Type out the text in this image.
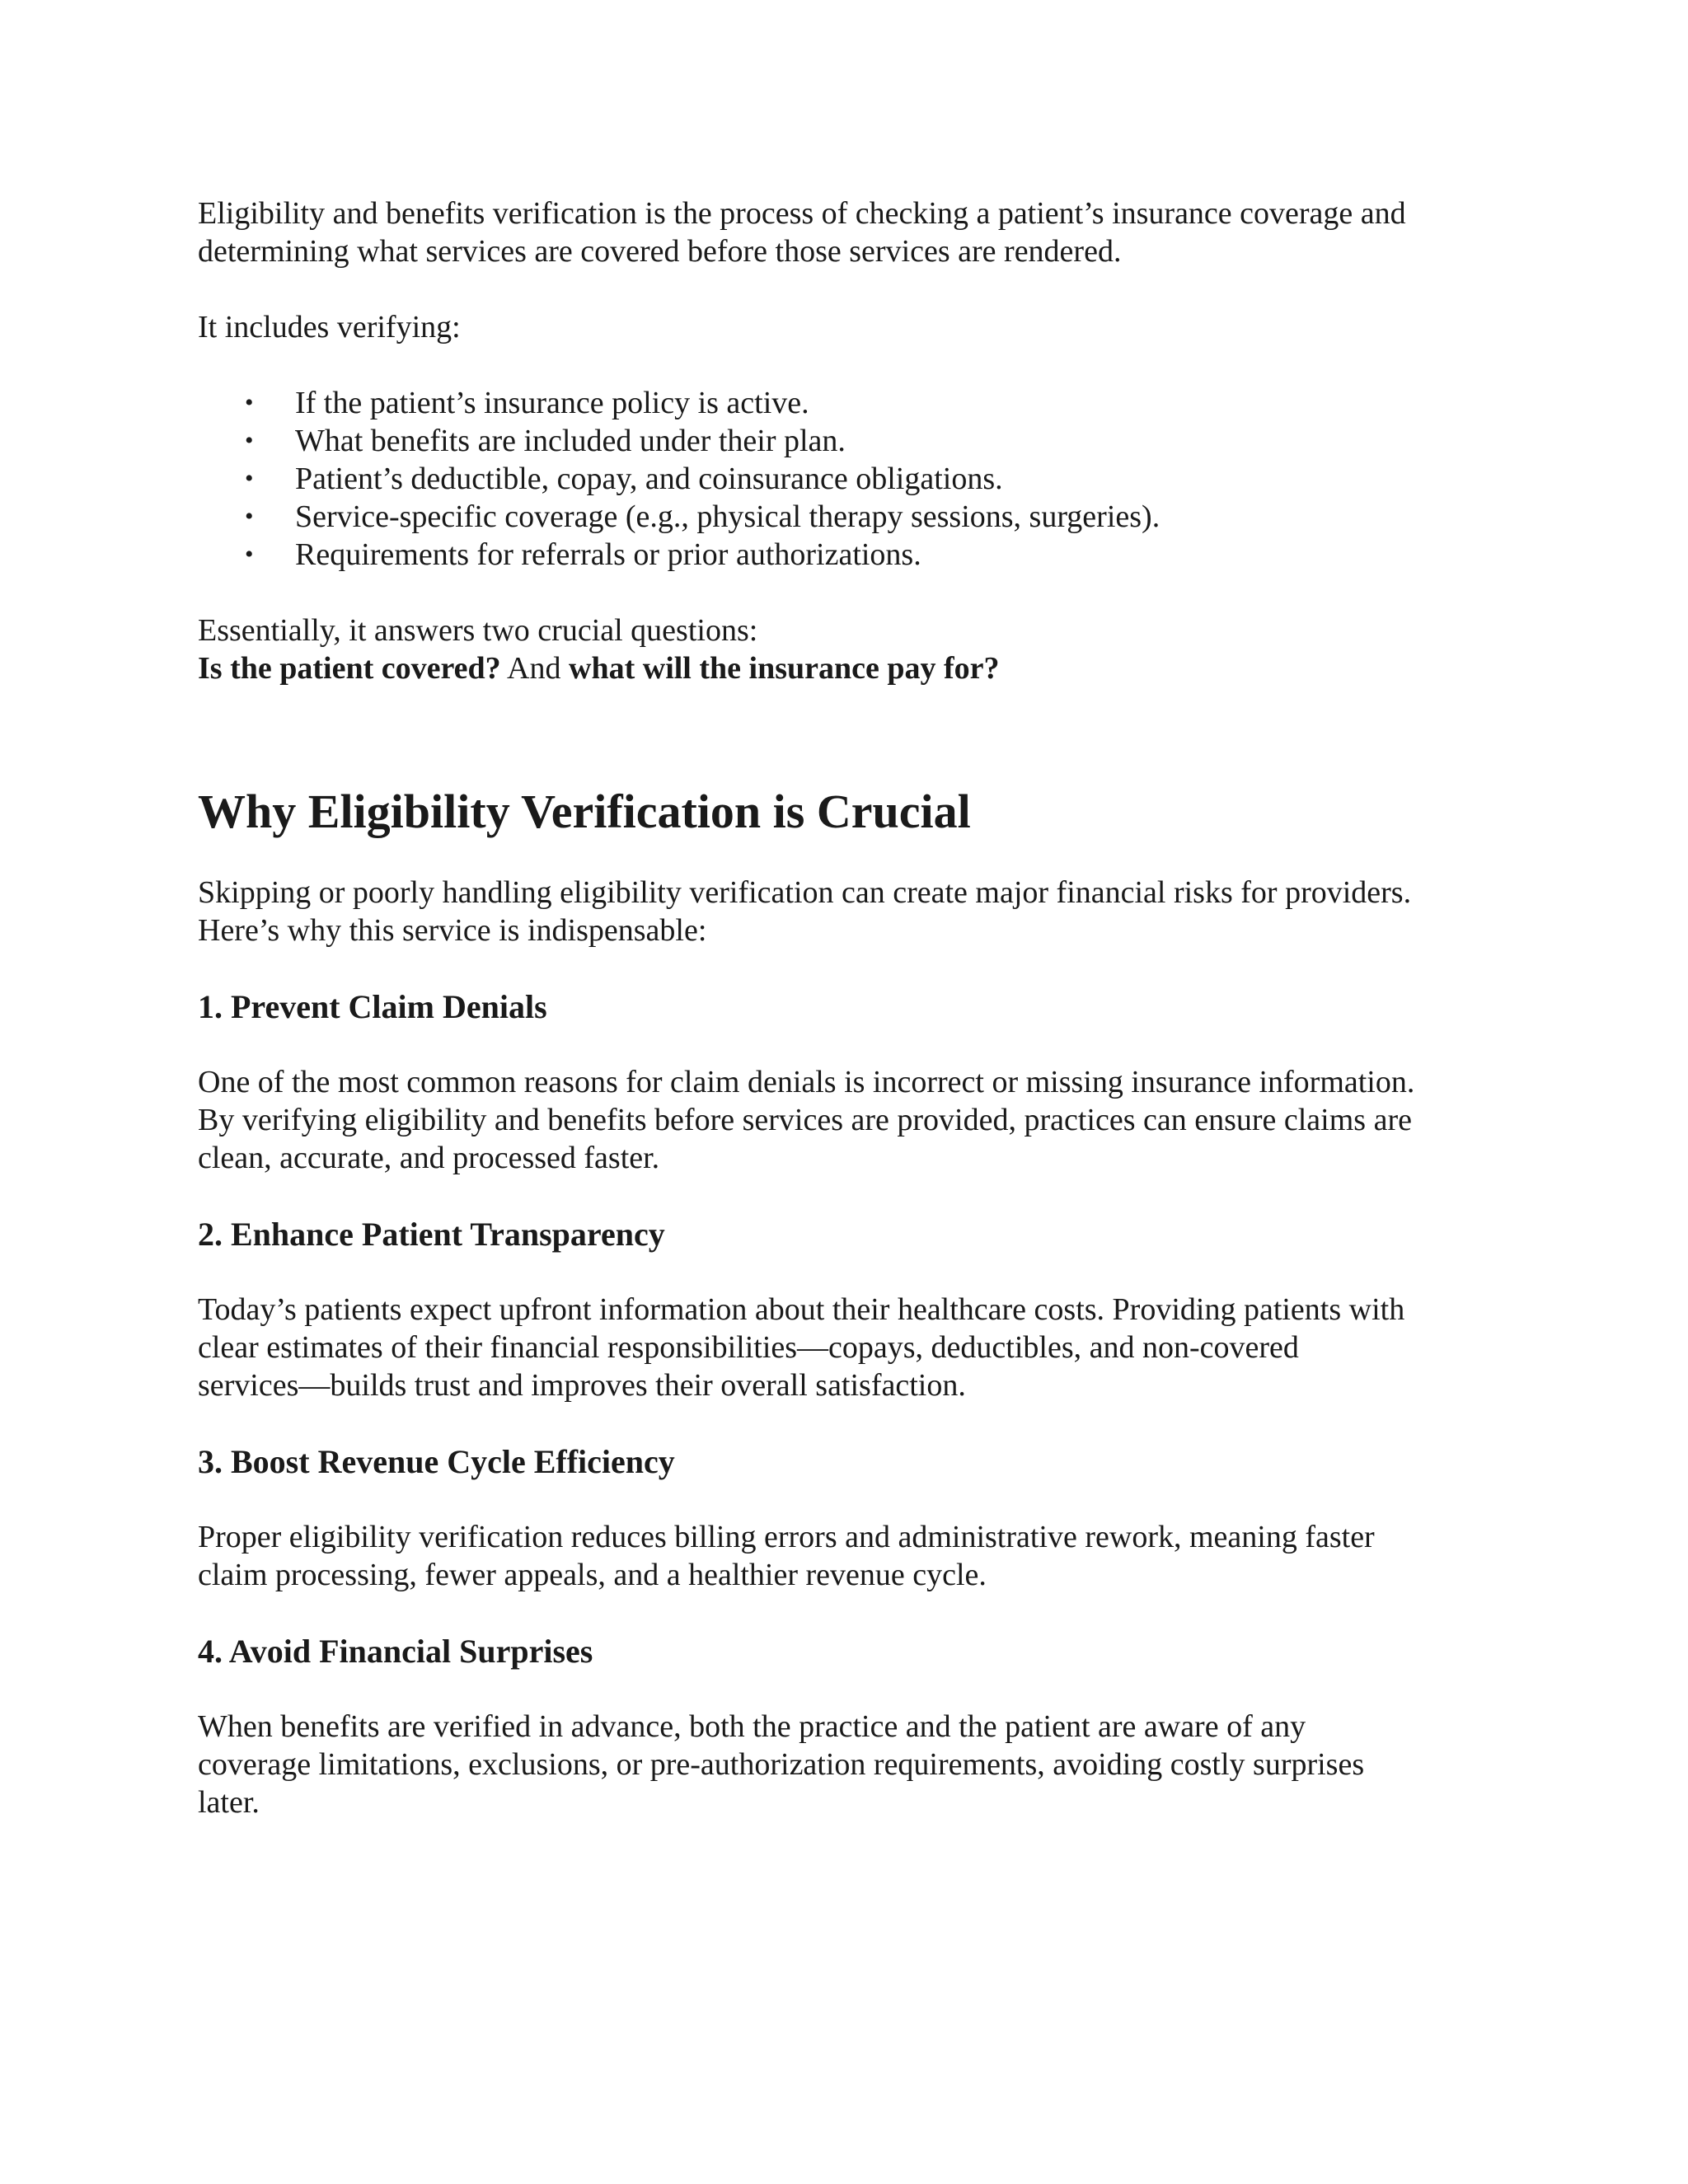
Eligibility and benefits verification is the process of checking a patient’s insurance coverage and
determining what services are covered before those services are rendered.

It includes verifying:

• If the patient’s insurance policy is active.
• What benefits are included under their plan.
• Patient’s deductible, copay, and coinsurance obligations.
• Service-specific coverage (e.g., physical therapy sessions, surgeries).
• Requirements for referrals or prior authorizations.

Essentially, it answers two crucial questions:
Is the patient covered? And what will the insurance pay for?

Why Eligibility Verification is Crucial

Skipping or poorly handling eligibility verification can create major financial risks for providers.
Here’s why this service is indispensable:

1. Prevent Claim Denials

One of the most common reasons for claim denials is incorrect or missing insurance information.
By verifying eligibility and benefits before services are provided, practices can ensure claims are
clean, accurate, and processed faster.

2. Enhance Patient Transparency

Today’s patients expect upfront information about their healthcare costs. Providing patients with
clear estimates of their financial responsibilities—copays, deductibles, and non-covered
services—builds trust and improves their overall satisfaction.

3. Boost Revenue Cycle Efficiency

Proper eligibility verification reduces billing errors and administrative rework, meaning faster
claim processing, fewer appeals, and a healthier revenue cycle.

4. Avoid Financial Surprises

When benefits are verified in advance, both the practice and the patient are aware of any
coverage limitations, exclusions, or pre-authorization requirements, avoiding costly surprises
later.
